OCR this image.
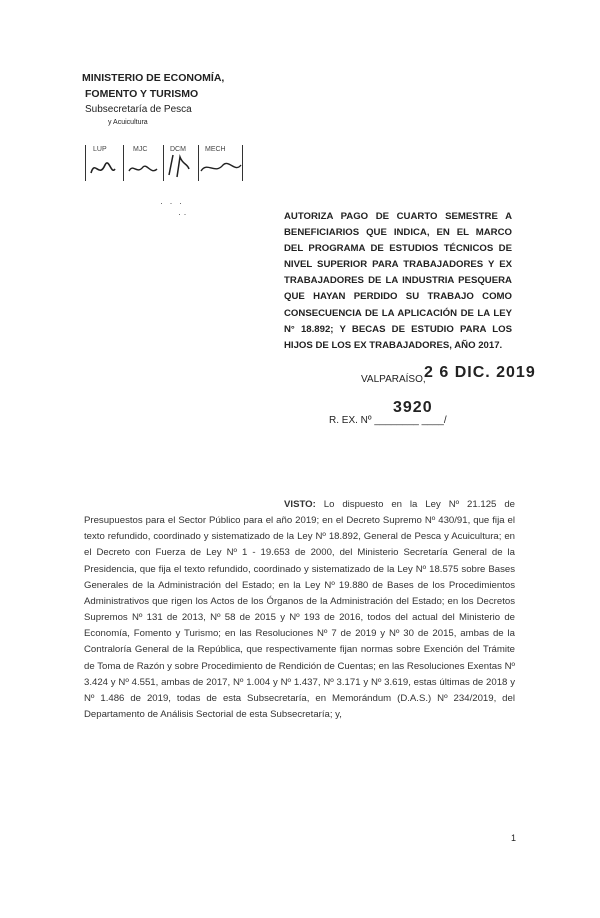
MINISTERIO DE ECONOMÍA,
FOMENTO Y TURISMO
Subsecretaría de Pesca
y Acuicultura
LUP	MJC	DCM	MECH
· · ·
· ·	AUTORIZA PAGO DE CUARTO SEMESTRE A BENEFICIARIOS QUE INDICA, EN EL MARCO DEL PROGRAMA DE ESTUDIOS TÉCNICOS DE NIVEL SUPERIOR PARA TRABAJADORES Y EX TRABAJADORES DE LA INDUSTRIA PESQUERA QUE HAYAN PERDIDO SU TRABAJO COMO CONSECUENCIA DE LA APLICACIÓN DE LA LEY N° 18.892; Y BECAS DE ESTUDIO PARA LOS HIJOS DE LOS EX TRABAJADORES, AÑO 2017.
VALPARAÍSO,
2 6 DIC. 2019
3920
R. EX. Nº ________ ____/
VISTO: Lo dispuesto en la Ley Nº 21.125 de Presupuestos para el Sector Público para el año 2019; en el Decreto Supremo Nº 430/91, que fija el texto refundido, coordinado y sistematizado de la Ley Nº 18.892, General de Pesca y Acuicultura; en el Decreto con Fuerza de Ley Nº 1 - 19.653 de 2000, del Ministerio Secretaría General de la Presidencia, que fija el texto refundido, coordinado y sistematizado de la Ley Nº 18.575 sobre Bases Generales de la Administración del Estado; en la Ley Nº 19.880 de Bases de los Procedimientos Administrativos que rigen los Actos de los Órganos de la Administración del Estado; en los Decretos Supremos Nº 131 de 2013, Nº 58 de 2015 y Nº 193 de 2016, todos del actual del Ministerio de Economía, Fomento y Turismo; en las Resoluciones Nº 7 de 2019 y Nº 30 de 2015, ambas de la Contraloría General de la República, que respectivamente fijan normas sobre Exención del Trámite de Toma de Razón y sobre Procedimiento de Rendición de Cuentas; en las Resoluciones Exentas Nº 3.424 y Nº 4.551, ambas de 2017, Nº 1.004 y Nº 1.437, Nº 3.171 y Nº 3.619, estas últimas de 2018 y Nº 1.486 de 2019, todas de esta Subsecretaría, en Memorándum (D.A.S.) Nº 234/2019, del Departamento de Análisis Sectorial de esta Subsecretaría; y,
1
